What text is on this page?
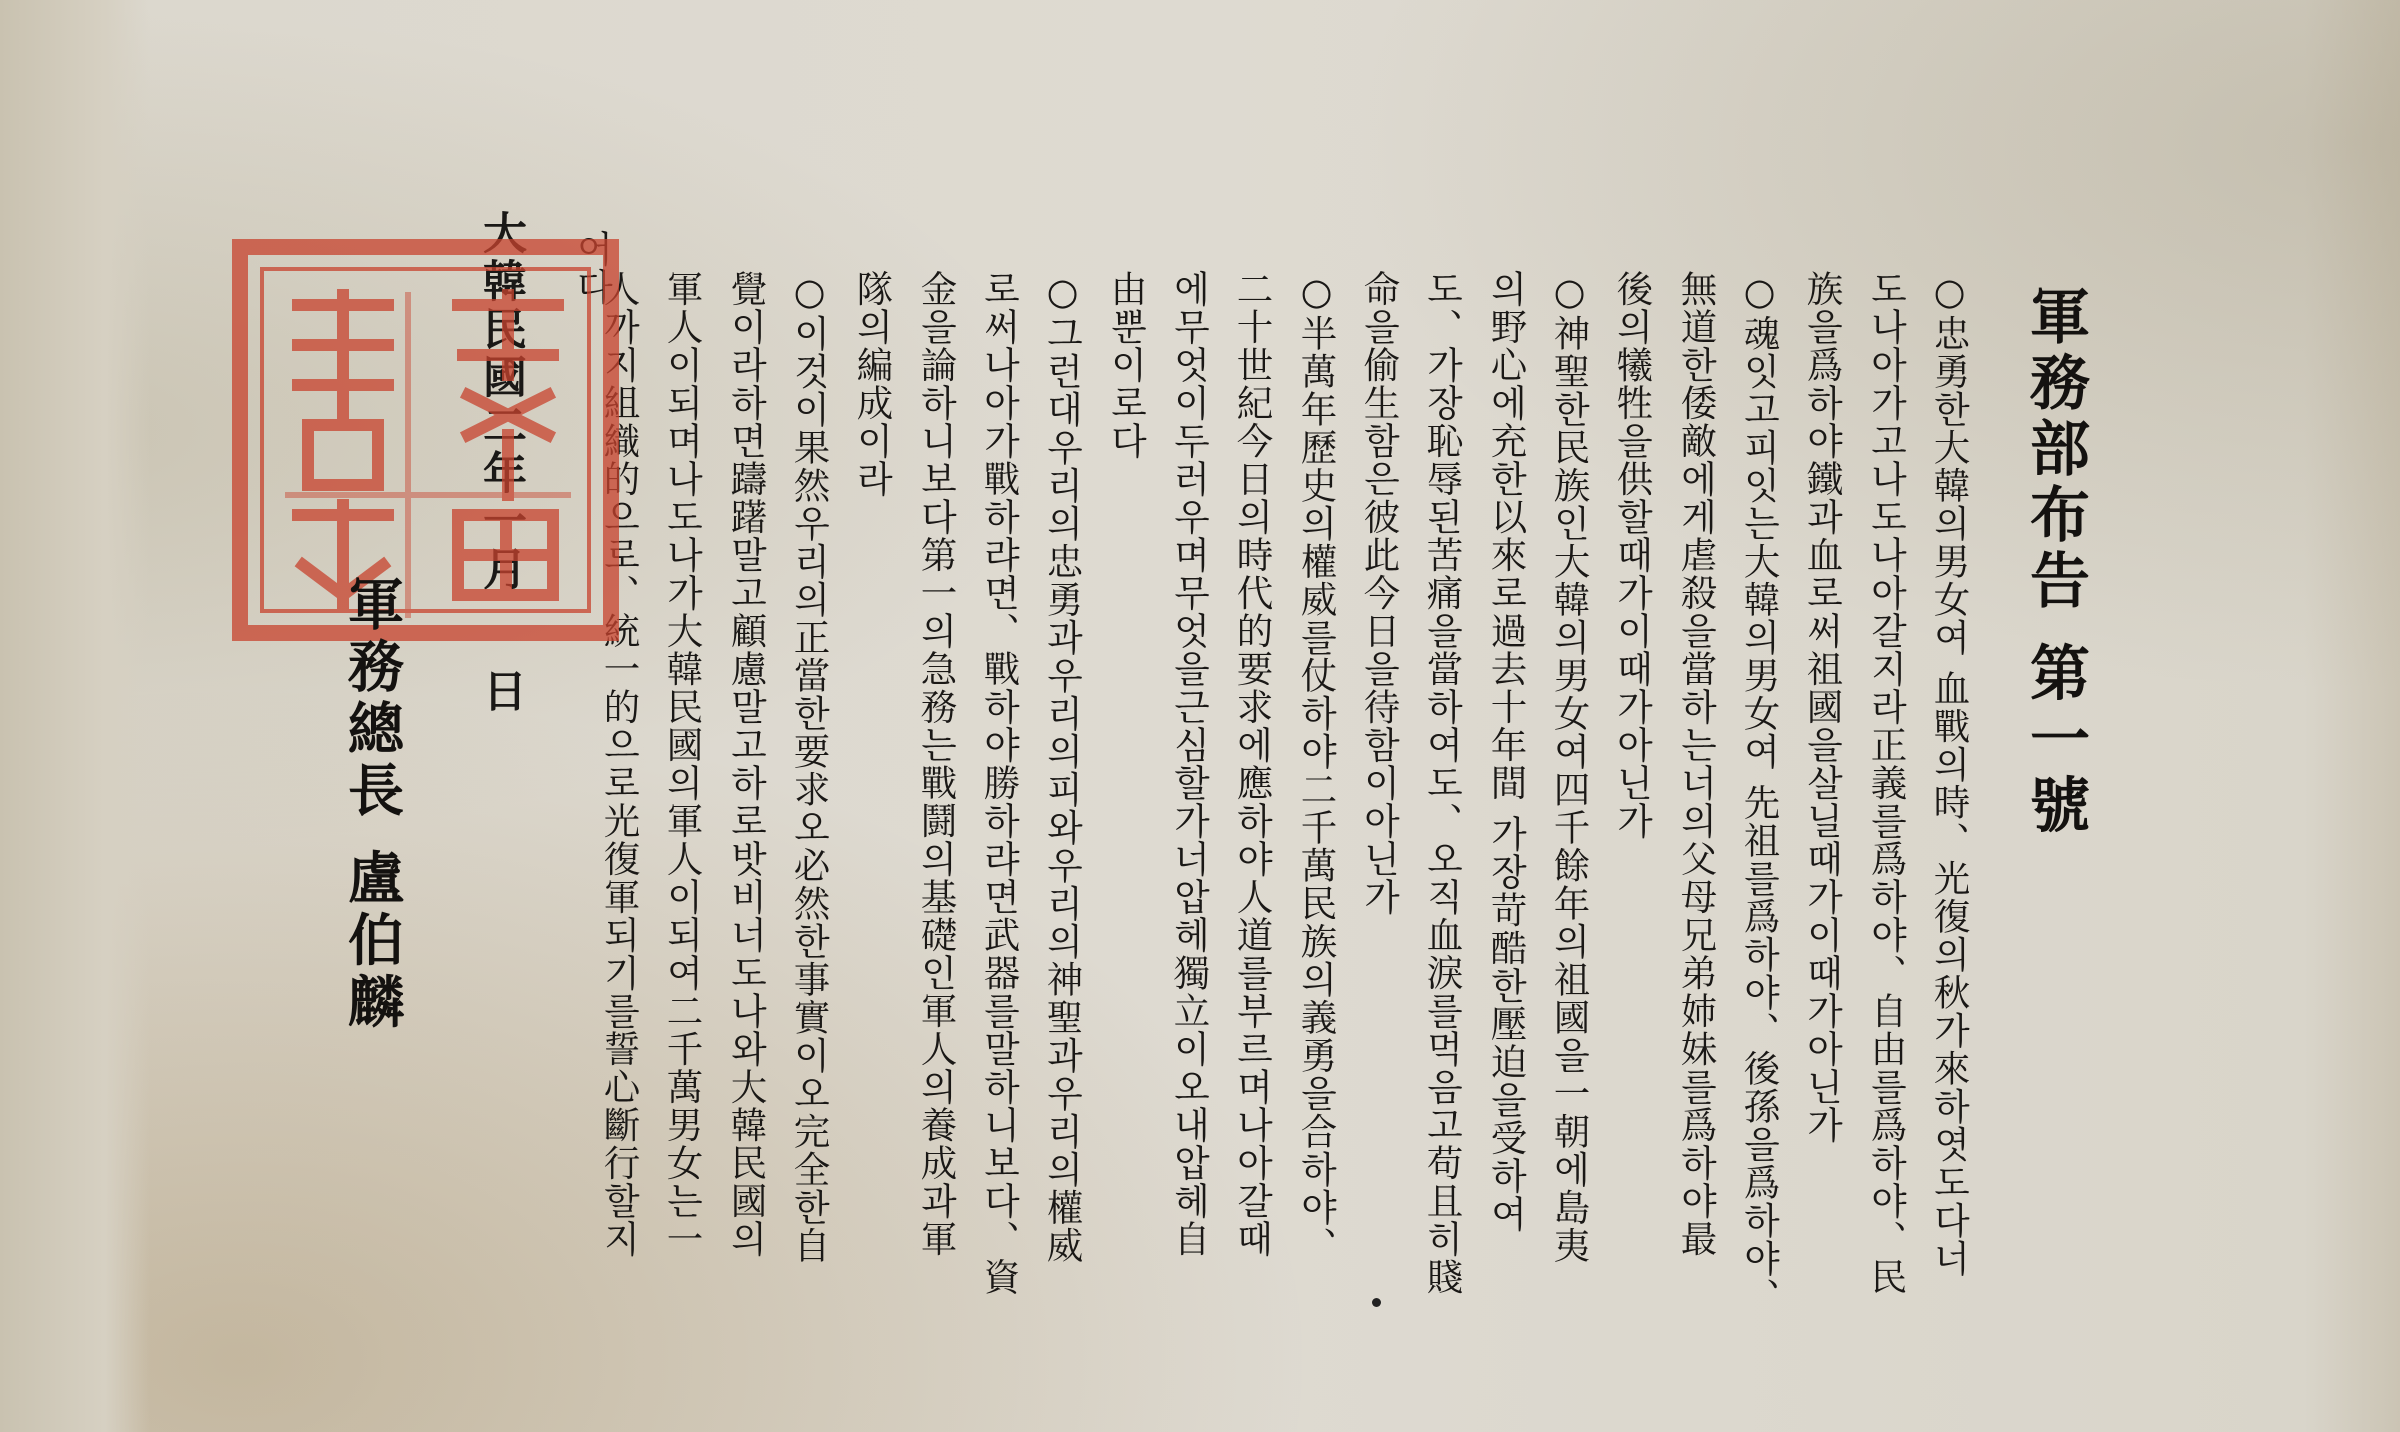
軍務部布告 第一號
○忠勇한大韓의男女여 血戰의時、光復의秋가來하엿도다너
도나아가고나도나아갈지라正義를爲하야、自由를爲하야、民
族을爲하야鐵과血로써祖國을살닐때가이때가아닌가
○魂잇고피잇는大韓의男女여 先祖를爲하야、後孫을爲하야、
無道한倭敵에게虐殺을當하는너의父母兄弟姉妹를爲하야最
後의犧牲을供할때가이때가아닌가
○神聖한民族인大韓의男女여四千餘年의祖國을一朝에島夷
의野心에充한以來로過去十年間 가장苛酷한壓迫을受하여
도、가장恥辱된苦痛을當하여도、오직血淚를먹음고苟且히賤
命을偷生함은彼此今日을待함이아닌가
○半萬年歷史의權威를仗하야二千萬民族의義勇을合하야、
二十世紀今日의時代的要求에應하야人道를부르며나아갈때
에무엇이두러우며무엇을근심할가너압헤獨立이오내압헤自
由뿐이로다
○그런대우리의忠勇과우리의피와우리의神聖과우리의權威
로써나아가戰하랴면、戰하야勝하랴면武器를말하니보다、資
金을論하니보다第一의急務는戰鬪의基礎인軍人의養成과軍
隊의編成이라
○이것이果然우리의正當한要求오必然한事實이오完全한自
覺이라하면躊躇말고顧慮말고하로밧비너도나와大韓民國의
軍人이되며나도나가大韓民國의軍人이되여二千萬男女는一
人까지組織的으로、統一的으로光復軍되기를誓心斷行할지
어다
大韓民國二年一月
日
軍務總長 盧伯麟
